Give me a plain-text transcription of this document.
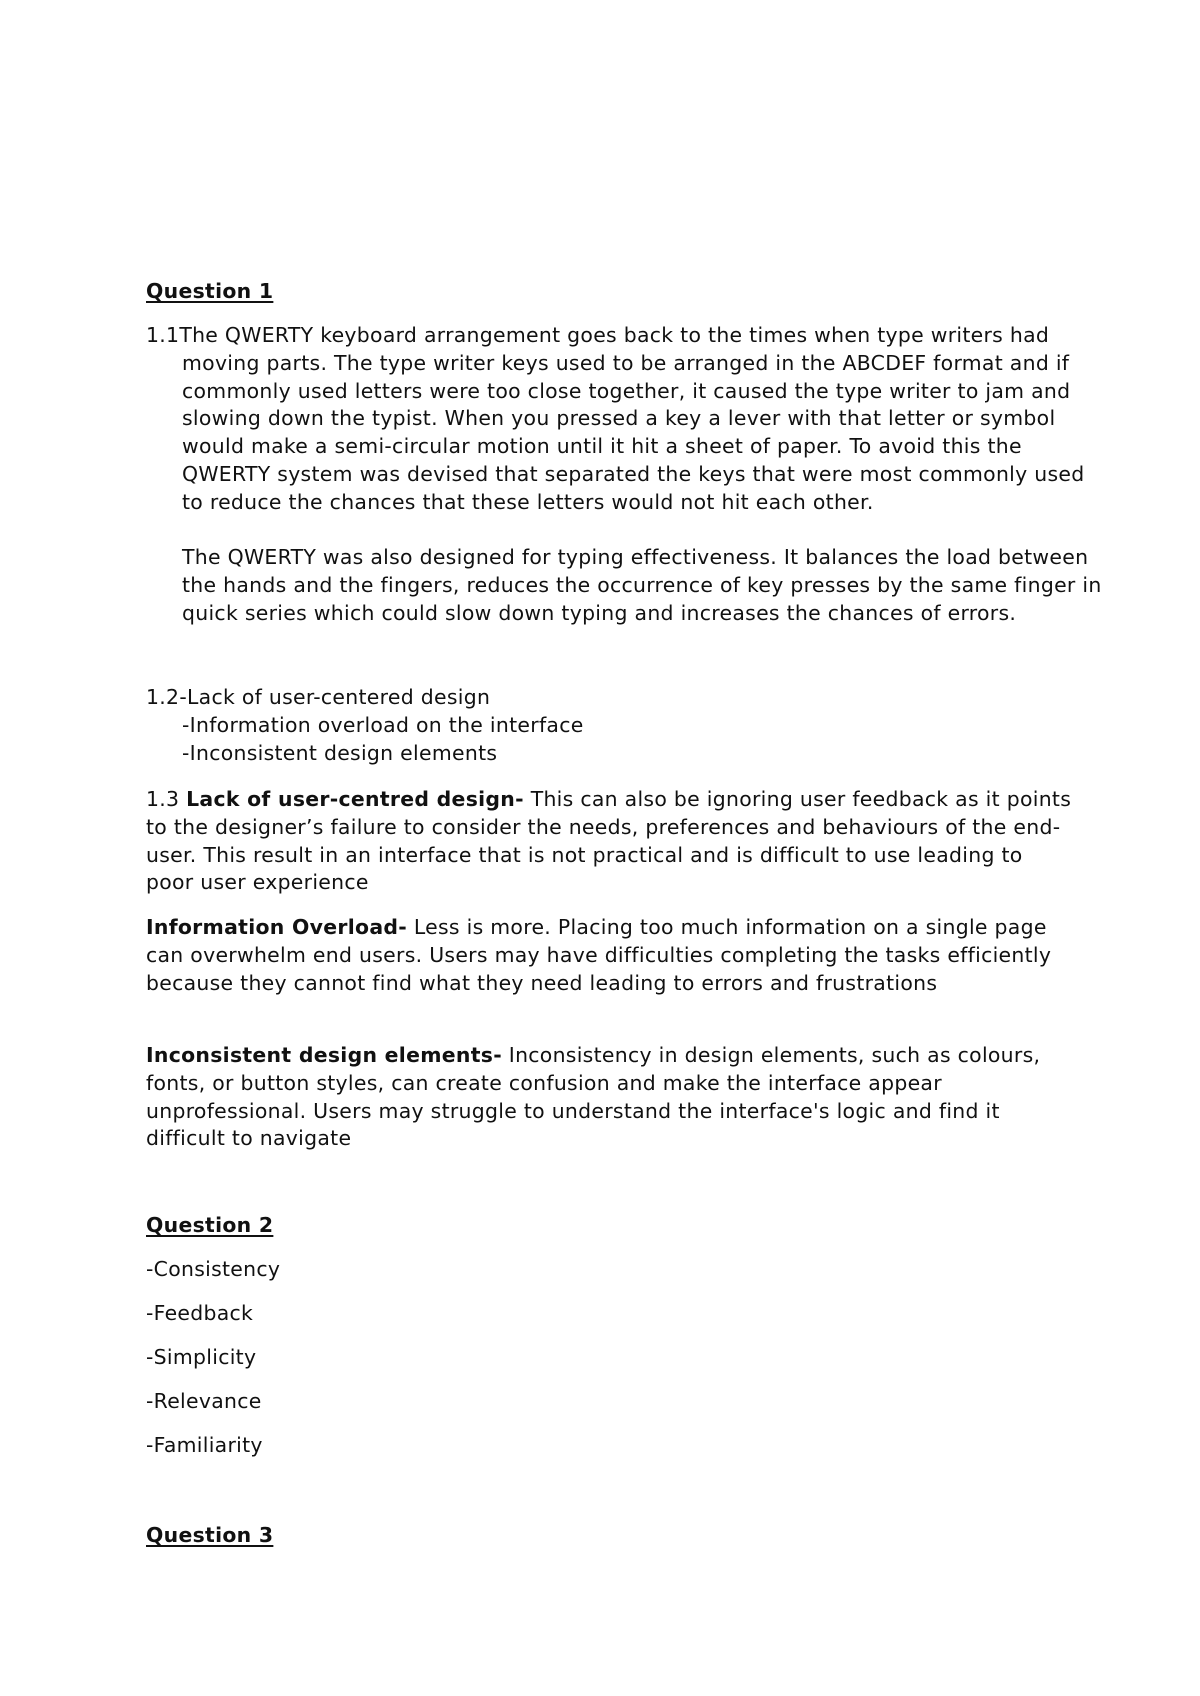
Question 1
1.1The QWERTY keyboard arrangement goes back to the times when type writers had moving parts. The type writer keys used to be arranged in the ABCDEF format and if commonly used letters were too close together, it caused the type writer to jam and slowing down the typist. When you pressed a key a lever with that letter or symbol would make a semi-circular motion until it hit a sheet of paper. To avoid this the QWERTY system was devised that separated the keys that were most commonly used to reduce the chances that these letters would not hit each other.
The QWERTY was also designed for typing effectiveness. It balances the load between the hands and the fingers, reduces the occurrence of key presses by the same finger in quick series which could slow down typing and increases the chances of errors.
1.2-Lack of user-centered design
-Information overload on the interface
-Inconsistent design elements
1.3 Lack of user-centred design- This can also be ignoring user feedback as it points to the designer’s failure to consider the needs, preferences and behaviours of the end-user. This result in an interface that is not practical and is difficult to use leading to poor user experience
Information Overload- Less is more. Placing too much information on a single page can overwhelm end users. Users may have difficulties completing the tasks efficiently because they cannot find what they need leading to errors and frustrations
Inconsistent design elements- Inconsistency in design elements, such as colours, fonts, or button styles, can create confusion and make the interface appear unprofessional. Users may struggle to understand the interface's logic and find it difficult to navigate
Question 2
-Consistency
-Feedback
-Simplicity
-Relevance
-Familiarity
Question 3
